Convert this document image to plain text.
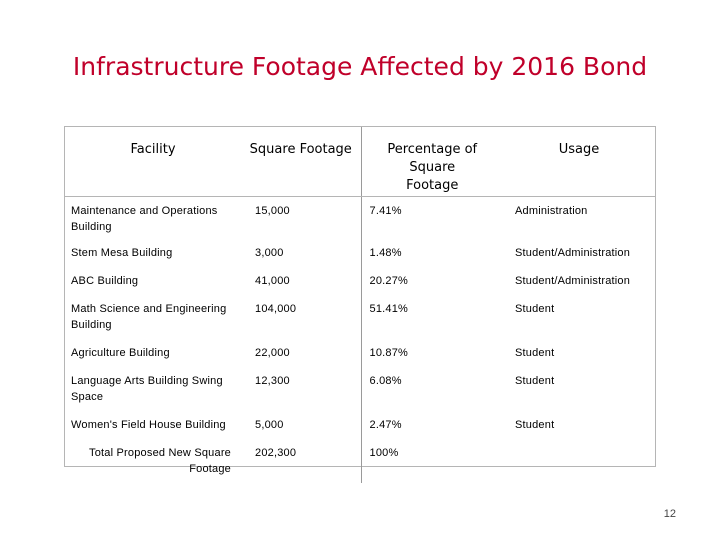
Infrastructure Footage Affected by 2016 Bond
Facility	Square Footage	Percentage of Square Footage	Usage
Maintenance and Operations Building	15,000	7.41%	Administration
Stem Mesa Building	3,000	1.48%	Student/Administration
ABC Building	41,000	20.27%	Student/Administration
Math Science and Engineering Building	104,000	51.41%	Student
Agriculture Building	22,000	10.87%	Student
Language Arts Building Swing Space	12,300	6.08%	Student
Women's Field House Building	5,000	2.47%	Student
Total Proposed New Square Footage	202,300	100%	
12
